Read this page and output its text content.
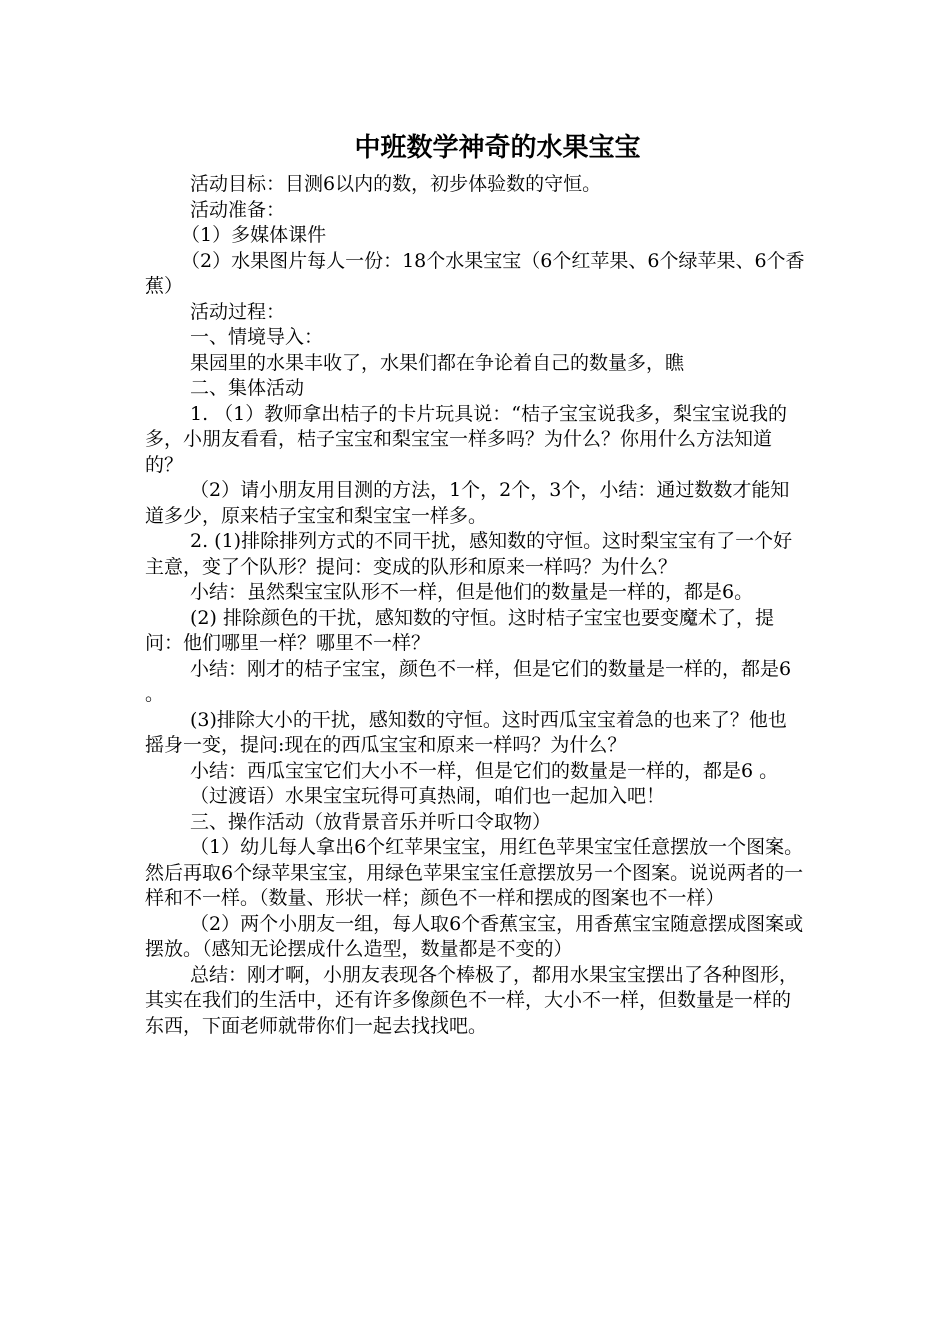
中班数学神奇的水果宝宝

活动目标：目测6以内的数，初步体验数的守恒。

活动准备：

（1）多媒体课件

（2）水果图片每人一份：18个水果宝宝（6个红苹果、6个绿苹果、6个香蕉）

活动过程：

一、情境导入：

果园里的水果丰收了，水果们都在争论着自己的数量多，瞧

二、集体活动

1. （1）教师拿出桔子的卡片玩具说：“桔子宝宝说我多，梨宝宝说我的多，小朋友看看，桔子宝宝和梨宝宝一样多吗？为什么？你用什么方法知道的？

（2）请小朋友用目测的方法，1个，2个，3个，小结：通过数数才能知道多少，原来桔子宝宝和梨宝宝一样多。

2. (1)排除排列方式的不同干扰，感知数的守恒。这时梨宝宝有了一个好主意，变了个队形？提问：变成的队形和原来一样吗？为什么？

小结：虽然梨宝宝队形不一样，但是他们的数量是一样的，都是6。

(2) 排除颜色的干扰，感知数的守恒。这时桔子宝宝也要变魔术了，提问：他们哪里一样？哪里不一样？

小结：刚才的桔子宝宝，颜色不一样，但是它们的数量是一样的，都是6 。

(3)排除大小的干扰，感知数的守恒。这时西瓜宝宝着急的也来了？他也摇身一变，提问:现在的西瓜宝宝和原来一样吗？为什么？

小结：西瓜宝宝它们大小不一样，但是它们的数量是一样的，都是6 。

（过渡语）水果宝宝玩得可真热闹，咱们也一起加入吧！

三、操作活动（放背景音乐并听口令取物）

（1）幼儿每人拿出6个红苹果宝宝，用红色苹果宝宝任意摆放一个图案。然后再取6个绿苹果宝宝，用绿色苹果宝宝任意摆放另一个图案。说说两者的一样和不一样。（数量、形状一样；颜色不一样和摆成的图案也不一样）

（2）两个小朋友一组，每人取6个香蕉宝宝，用香蕉宝宝随意摆成图案或摆放。（感知无论摆成什么造型，数量都是不变的）

总结：刚才啊，小朋友表现各个棒极了，都用水果宝宝摆出了各种图形，其实在我们的生活中，还有许多像颜色不一样，大小不一样，但数量是一样的东西，下面老师就带你们一起去找找吧。
